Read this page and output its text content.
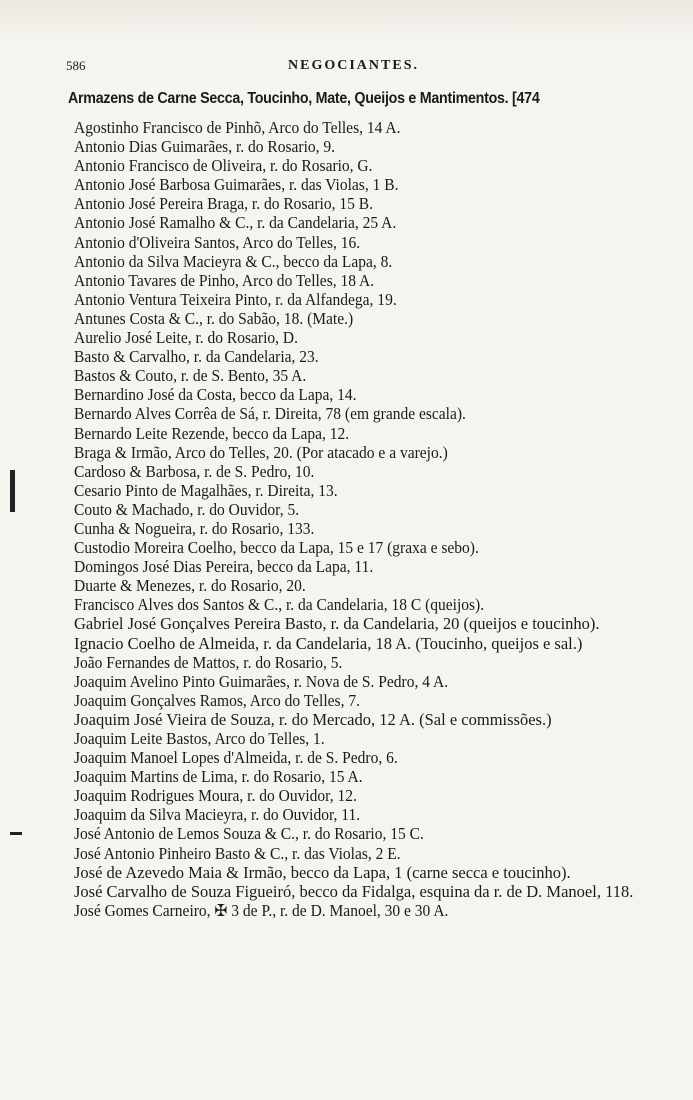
586	NEGOCIANTES.
Armazens de Carne Secca, Toucinho, Mate, Queijos e Mantimentos. [474
Agostinho Francisco de Pinhõ, Arco do Telles, 14 A.
Antonio Dias Guimarães, r. do Rosario, 9.
Antonio Francisco de Oliveira, r. do Rosario, G.
Antonio José Barbosa Guimarães, r. das Violas, 1 B.
Antonio José Pereira Braga, r. do Rosario, 15 B.
Antonio José Ramalho & C., r. da Candelaria, 25 A.
Antonio d'Oliveira Santos, Arco do Telles, 16.
Antonio da Silva Macieyra & C., becco da Lapa, 8.
Antonio Tavares de Pinho, Arco do Telles, 18 A.
Antonio Ventura Teixeira Pinto, r. da Alfandega, 19.
Antunes Costa & C., r. do Sabão, 18. (Mate.)
Aurelio José Leite, r. do Rosario, D.
Basto & Carvalho, r. da Candelaria, 23.
Bastos & Couto, r. de S. Bento, 35 A.
Bernardino José da Costa, becco da Lapa, 14.
Bernardo Alves Corrêa de Sá, r. Direita, 78 (em grande escala).
Bernardo Leite Rezende, becco da Lapa, 12.
Braga & Irmão, Arco do Telles, 20. (Por atacado e a varejo.)
Cardoso & Barbosa, r. de S. Pedro, 10.
Cesario Pinto de Magalhães, r. Direita, 13.
Couto & Machado, r. do Ouvidor, 5.
Cunha & Nogueira, r. do Rosario, 133.
Custodio Moreira Coelho, becco da Lapa, 15 e 17 (graxa e sebo).
Domingos José Dias Pereira, becco da Lapa, 11.
Duarte & Menezes, r. do Rosario, 20.
Francisco Alves dos Santos & C., r. da Candelaria, 18 C (queijos).
Gabriel José Gonçalves Pereira Basto, r. da Candelaria, 20 (queijos e toucinho).
Ignacio Coelho de Almeida, r. da Candelaria, 18 A. (Toucinho, queijos e sal.)
João Fernandes de Mattos, r. do Rosario, 5.
Joaquim Avelino Pinto Guimarães, r. Nova de S. Pedro, 4 A.
Joaquim Gonçalves Ramos, Arco do Telles, 7.
Joaquim José Vieira de Souza, r. do Mercado, 12 A. (Sal e commissões.)
Joaquim Leite Bastos, Arco do Telles, 1.
Joaquim Manoel Lopes d'Almeida, r. de S. Pedro, 6.
Joaquim Martins de Lima, r. do Rosario, 15 A.
Joaquim Rodrigues Moura, r. do Ouvidor, 12.
Joaquim da Silva Macieyra, r. do Ouvidor, 11.
José Antonio de Lemos Souza & C., r. do Rosario, 15 C.
José Antonio Pinheiro Basto & C., r. das Violas, 2 E.
José de Azevedo Maia & Irmão, becco da Lapa, 1 (carne secca e toucinho).
José Carvalho de Souza Figueiró, becco da Fidalga, esquina da r. de D. Manoel, 118.
José Gomes Carneiro, ✠ 3 de P., r. de D. Manoel, 30 e 30 A.
